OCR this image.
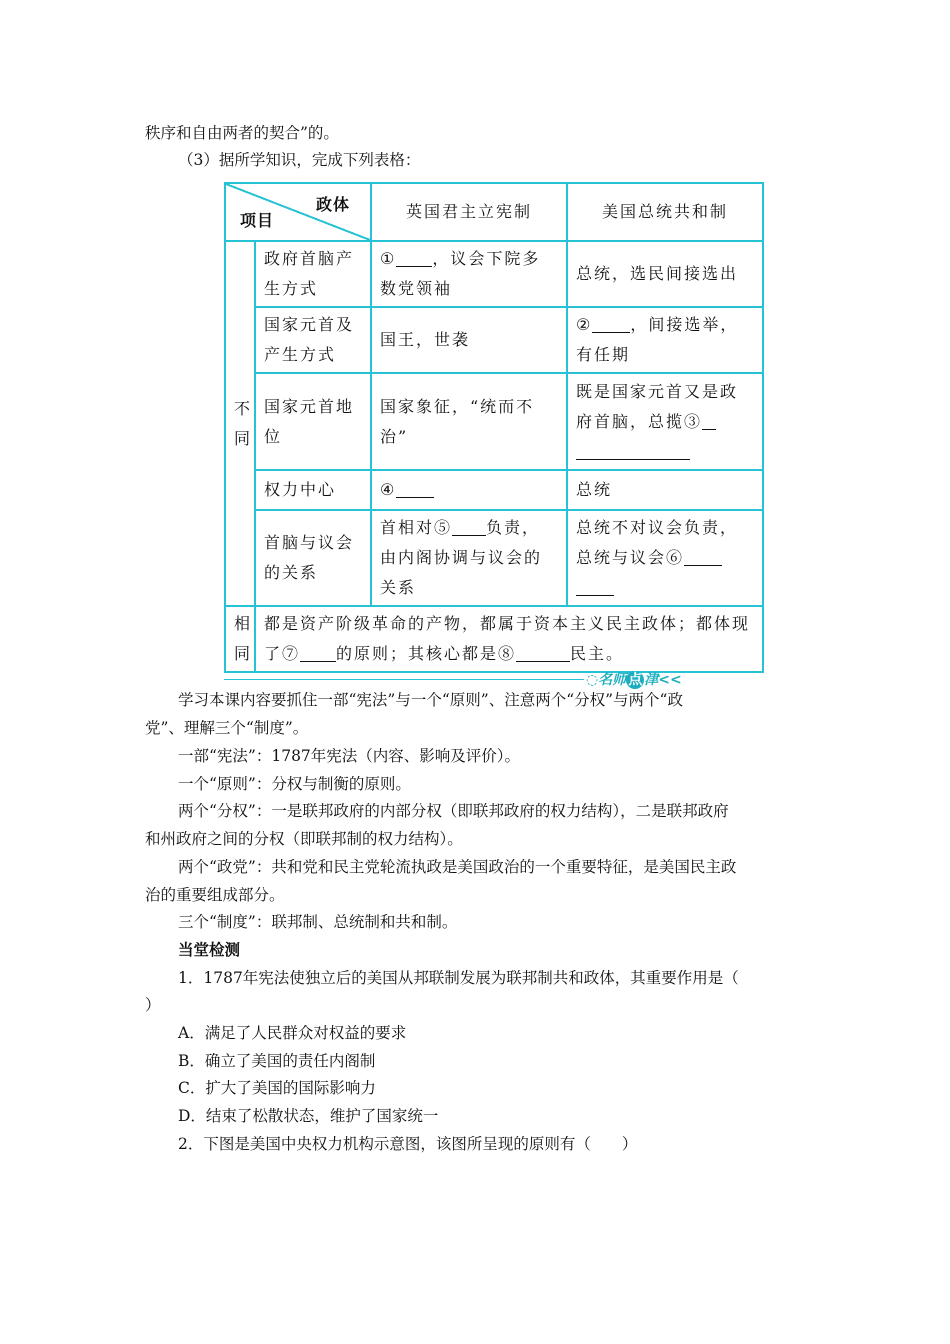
秩序和自由两者的契合”的。
（3）据所学知识，完成下列表格：
政体
项目		英国君主立宪制	美国总统共和制
不同	政府首脑产生方式	① ，议会下院多数党领袖	总统，选民间接选出
	国家元首及产生方式	国王，世袭	② ，间接选举，有任期
	国家元首地位	国家象征，“统而不治”	既是国家元首又是政府首脑，总揽③

	权力中心	④	总统
	首脑与议会的关系	首相对⑤ 负责，由内阁协调与议会的关系	总统不对议会负责，总统与议会⑥

相同	都是资产阶级革命的产物，都属于资本主义民主政体；都体现了⑦ 的原则；其核心都是⑧ 民主。		
◌名师 点 津<<
学习本课内容要抓住一部“宪法”与一个“原则”、注意两个“分权”与两个“政
党”、理解三个“制度”。
一部“宪法”：1787年宪法（内容、影响及评价）。
一个“原则”：分权与制衡的原则。
两个“分权”：一是联邦政府的内部分权（即联邦政府的权力结构），二是联邦政府
和州政府之间的分权（即联邦制的权力结构）。
两个“政党”：共和党和民主党轮流执政是美国政治的一个重要特征，是美国民主政
治的重要组成部分。
三个“制度”：联邦制、总统制和共和制。
当堂检测
1．1787年宪法使独立后的美国从邦联制发展为联邦制共和政体，其重要作用是（
）
A．满足了人民群众对权益的要求
B．确立了美国的责任内阁制
C．扩大了美国的国际影响力
D．结束了松散状态，维护了国家统一
2．下图是美国中央权力机构示意图，该图所呈现的原则有（　　）
